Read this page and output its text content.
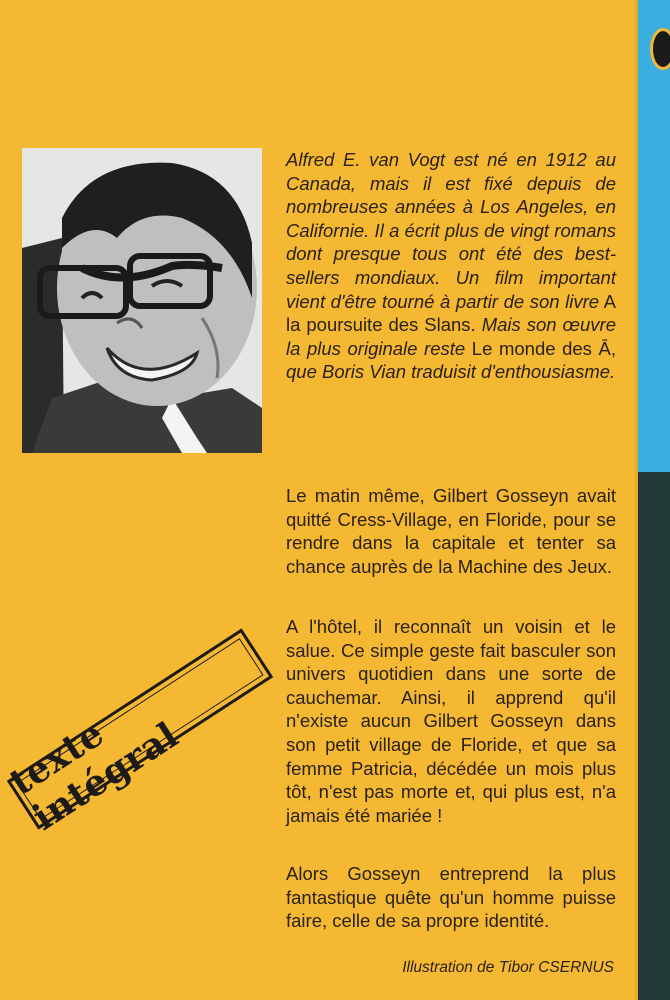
Alfred E. van Vogt est né en 1912 au Canada, mais il est fixé depuis de nombreuses années à Los Angeles, en Californie. Il a écrit plus de vingt romans dont presque tous ont été des best-sellers mondiaux. Un film important vient d'être tourné à partir de son livre A la poursuite des Slans. Mais son œuvre la plus originale reste Le monde des Ā, que Boris Vian traduisit d'enthousiasme.

Le matin même, Gilbert Gosseyn avait quitté Cress-Village, en Floride, pour se rendre dans la capitale et tenter sa chance auprès de la Machine des Jeux.

A l'hôtel, il reconnaît un voisin et le salue. Ce simple geste fait basculer son univers quotidien dans une sorte de cauchemar. Ainsi, il apprend qu'il n'existe aucun Gilbert Gosseyn dans son petit village de Floride, et que sa femme Patricia, décédée un mois plus tôt, n'est pas morte et, qui plus est, n'a jamais été mariée !

Alors Gosseyn entreprend la plus fantastique quête qu'un homme puisse faire, celle de sa propre identité.

texte intégral

Illustration de Tibor CSERNUS
